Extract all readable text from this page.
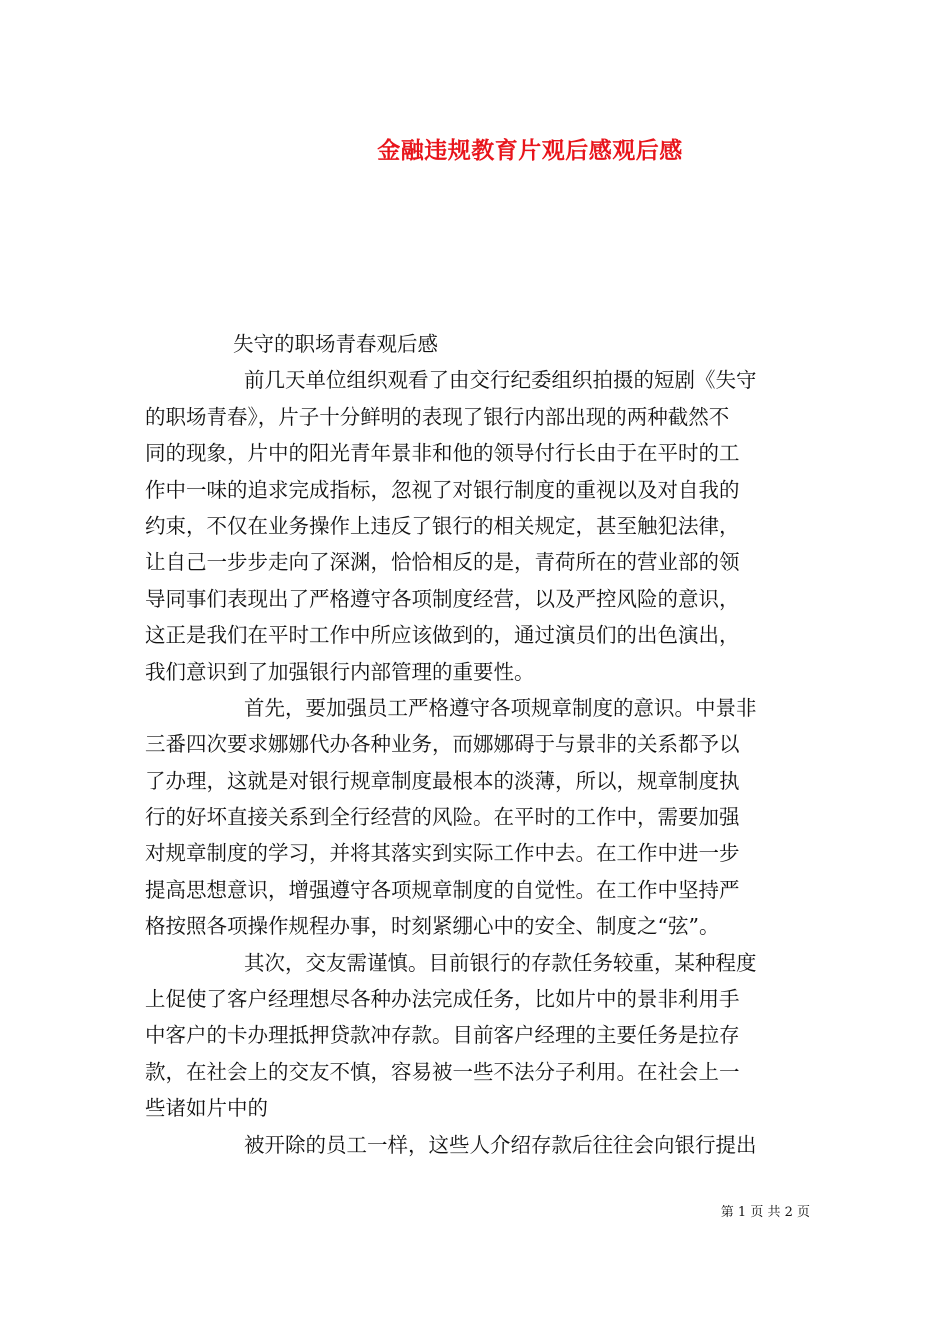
金融违规教育片观后感观后感
失守的职场青春观后感
前几天单位组织观看了由交行纪委组织拍摄的短剧《失守
的职场青春》，片子十分鲜明的表现了银行内部出现的两种截然不
同的现象，片中的阳光青年景非和他的领导付行长由于在平时的工
作中一味的追求完成指标，忽视了对银行制度的重视以及对自我的
约束，不仅在业务操作上违反了银行的相关规定，甚至触犯法律，
让自己一步步走向了深渊，恰恰相反的是，青荷所在的营业部的领
导同事们表现出了严格遵守各项制度经营，以及严控风险的意识，
这正是我们在平时工作中所应该做到的，通过演员们的出色演出，
我们意识到了加强银行内部管理的重要性。
首先，要加强员工严格遵守各项规章制度的意识。中景非
三番四次要求娜娜代办各种业务，而娜娜碍于与景非的关系都予以
了办理，这就是对银行规章制度最根本的淡薄，所以，规章制度执
行的好坏直接关系到全行经营的风险。在平时的工作中，需要加强
对规章制度的学习，并将其落实到实际工作中去。在工作中进一步
提高思想意识，增强遵守各项规章制度的自觉性。在工作中坚持严
格按照各项操作规程办事，时刻紧绷心中的安全、制度之“弦”。
其次，交友需谨慎。目前银行的存款任务较重，某种程度
上促使了客户经理想尽各种办法完成任务，比如片中的景非利用手
中客户的卡办理抵押贷款冲存款。目前客户经理的主要任务是拉存
款，在社会上的交友不慎，容易被一些不法分子利用。在社会上一
些诸如片中的
被开除的员工一样，这些人介绍存款后往往会向银行提出
第 1 页 共 2 页
